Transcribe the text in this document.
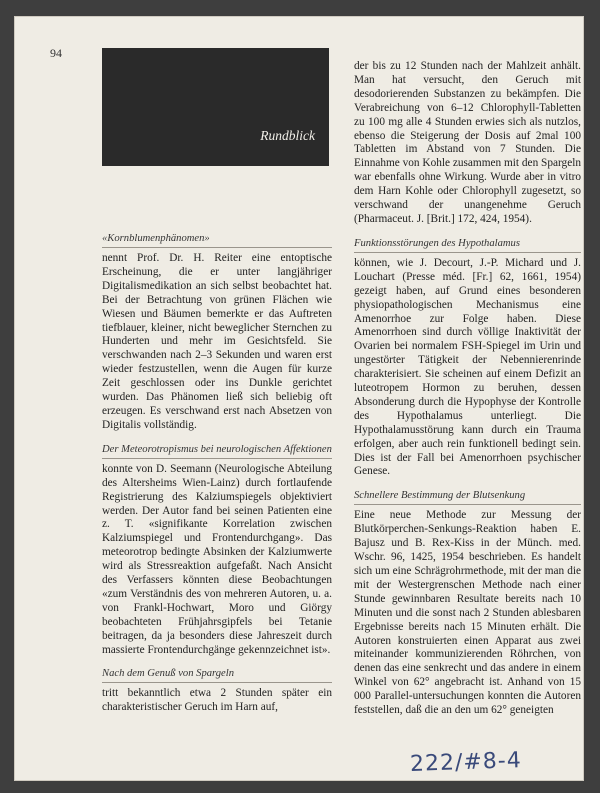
94
Rundblick

«Kornblumenphänomen»

nennt Prof. Dr. H. Reiter eine entoptische Erscheinung, die er unter langjähriger Digitalismedikation an sich selbst beobachtet hat. Bei der Betrachtung von grünen Flächen wie Wiesen und Bäumen bemerkte er das Auftreten tiefblauer, kleiner, nicht beweglicher Sternchen zu Hunderten und mehr im Gesichtsfeld. Sie verschwanden nach 2–3 Sekunden und waren erst wieder festzustellen, wenn die Augen für kurze Zeit geschlossen oder ins Dunkle gerichtet wurden. Das Phänomen ließ sich beliebig oft erzeugen. Es verschwand erst nach Absetzen von Digitalis vollständig.

Der Meteorotropismus bei neurologischen Affektionen

konnte von D. Seemann (Neurologische Abteilung des Altersheims Wien-Lainz) durch fortlaufende Registrierung des Kalziumspiegels objektiviert werden. Der Autor fand bei seinen Patienten eine z. T. «signifikante Korrelation zwischen Kalziumspiegel und Frontendurchgang». Das meteorotrop bedingte Absinken der Kalziumwerte wird als Stressreaktion aufgefaßt. Nach Ansicht des Verfassers könnten diese Beobachtungen «zum Verständnis des von mehreren Autoren, u. a. von Frankl-Hochwart, Moro und Giörgy beobachteten Frühjahrsgipfels bei Tetanie beitragen, da ja besonders diese Jahreszeit durch massierte Frontendurchgänge gekennzeichnet ist».

Nach dem Genuß von Spargeln

tritt bekanntlich etwa 2 Stunden später ein charakteristischer Geruch im Harn auf,

der bis zu 12 Stunden nach der Mahlzeit anhält. Man hat versucht, den Geruch mit desodorierenden Substanzen zu bekämpfen. Die Verabreichung von 6–12 Chlorophyll-Tabletten zu 100 mg alle 4 Stunden erwies sich als nutzlos, ebenso die Steigerung der Dosis auf 2mal 100 Tabletten im Abstand von 7 Stunden. Die Einnahme von Kohle zusammen mit den Spargeln war ebenfalls ohne Wirkung. Wurde aber in vitro dem Harn Kohle oder Chlorophyll zugesetzt, so verschwand der unangenehme Geruch (Pharmaceut. J. [Brit.] 172, 424, 1954).

Funktionsstörungen des Hypothalamus

können, wie J. Decourt, J.-P. Michard und J. Louchart (Presse méd. [Fr.] 62, 1661, 1954) gezeigt haben, auf Grund eines besonderen physiopathologischen Mechanismus eine Amenorrhoe zur Folge haben. Diese Amenorrhoen sind durch völlige Inaktivität der Ovarien bei normalem FSH-Spiegel im Urin und ungestörter Tätigkeit der Nebennierenrinde charakterisiert. Sie scheinen auf einem Defizit an luteotropem Hormon zu beruhen, dessen Absonderung durch die Hypophyse der Kontrolle des Hypothalamus unterliegt. Die Hypothalamusstörung kann durch ein Trauma erfolgen, aber auch rein funktionell bedingt sein. Dies ist der Fall bei Amenorrhoen psychischer Genese.

Schnellere Bestimmung der Blutsenkung

Eine neue Methode zur Messung der Blutkörperchen-Senkungs-Reaktion haben E. Bajusz und B. Rex-Kiss in der Münch. med. Wschr. 96, 1425, 1954 beschrieben. Es handelt sich um eine Schrägrohrmethode, mit der man die mit der Westergrenschen Methode nach einer Stunde gewinnbaren Resultate bereits nach 10 Minuten und die sonst nach 2 Stunden ablesbaren Ergebnisse bereits nach 15 Minuten erhält. Die Autoren konstruierten einen Apparat aus zwei miteinander kommunizierenden Röhrchen, von denen das eine senkrecht und das andere in einem Winkel von 62° angebracht ist. Anhand von 15 000 Parallel-untersuchungen konnten die Autoren feststellen, daß die an den um 62° geneigten

222/#8-4
